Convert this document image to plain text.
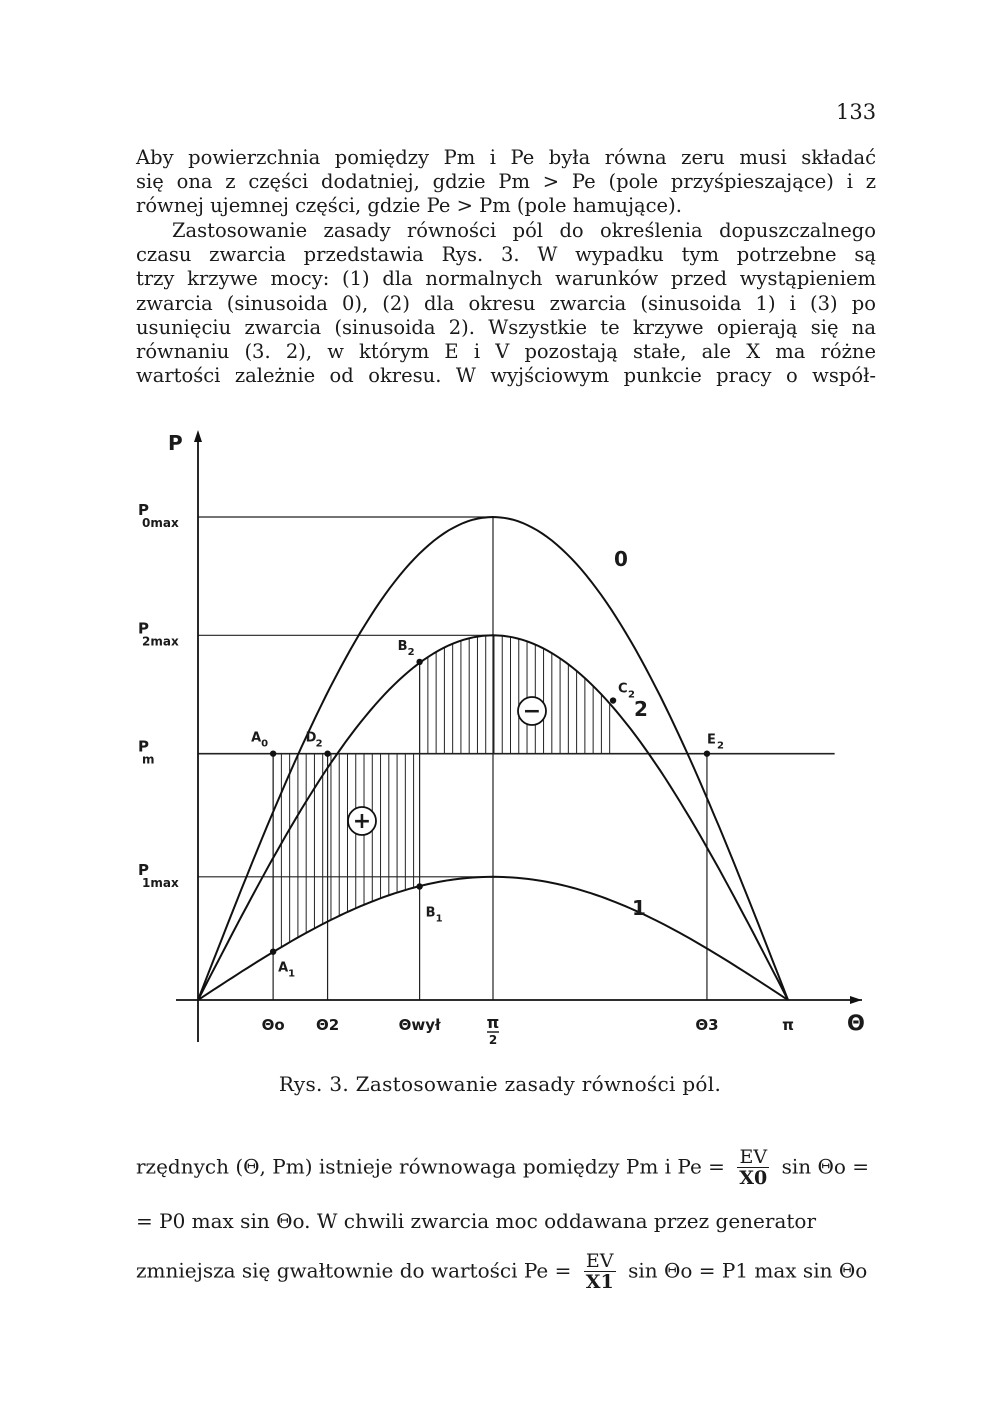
133
Aby powierzchnia pomiędzy Pm i Pe była równa zeru musi składać
się ona z części dodatniej, gdzie Pm > Pe (pole przyśpieszające) i z
równej ujemnej części, gdzie Pe > Pm (pole hamujące).
Zastosowanie zasady równości pól do określenia dopuszczalnego
czasu zwarcia przedstawia Rys. 3. W wypadku tym potrzebne są
trzy krzywe mocy: (1) dla normalnych warunków przed wystąpieniem
zwarcia (sinusoida 0), (2) dla okresu zwarcia (sinusoida 1) i (3) po
usunięciu zwarcia (sinusoida 2). Wszystkie te krzywe opierają się na
równaniu (3. 2), w którym E i V pozostają stałe, ale X ma różne
wartości zależnie od okresu. W wyjściowym punkcie pracy o współ-
P
Θ
P
0max
P
2max
P
m
P
1max
Θo Θ2	Θwył	π
2
Θ3	π
0
2
1
A 0	D 2
B 2
C 2
E 2
B 1
A 1
+
−
Rys. 3. Zastosowanie zasady równości pól.
rzędnych (Θ, Pm) istnieje równowaga pomiędzy Pm i $Pe = \frac{EV}{X0}$ sin Θo =
= P0 max sin Θo. W chwili zwarcia moc oddawana przez generator
zmniejsza się gwałtownie do wartości $Pe = \frac{EV}{X1}$ sin Θo = P1 max sin Θo
